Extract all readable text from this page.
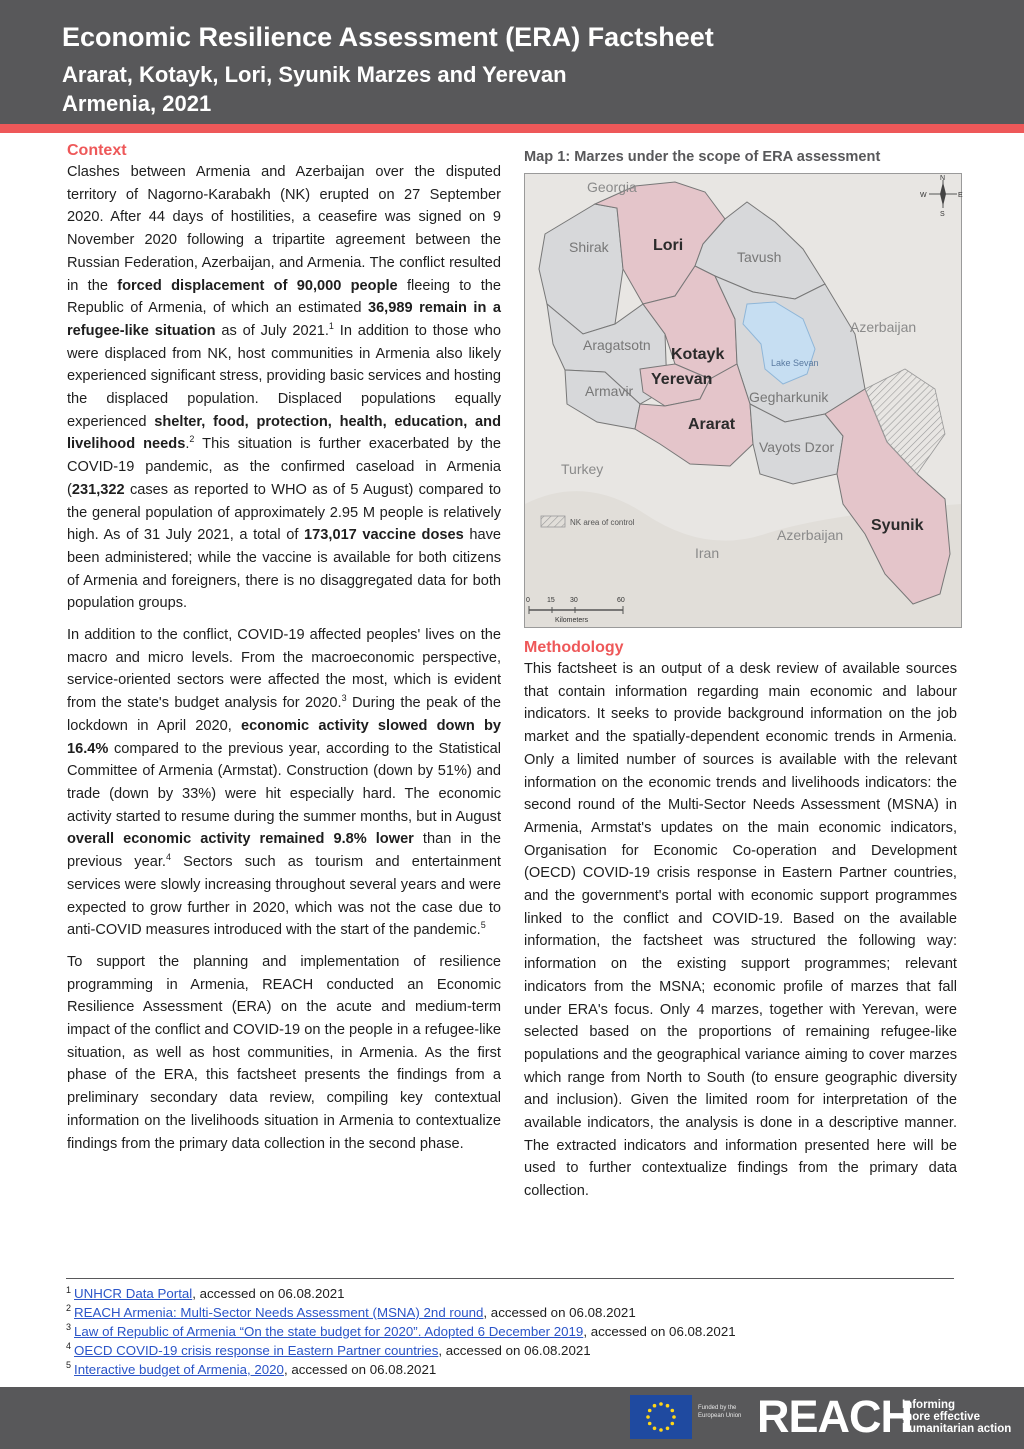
Economic Resilience Assessment (ERA) Factsheet
Ararat, Kotayk, Lori, Syunik Marzes and Yerevan
Armenia, 2021
Context

Clashes between Armenia and Azerbaijan over the disputed territory of Nagorno-Karabakh (NK) erupted on 27 September 2020. After 44 days of hostilities, a ceasefire was signed on 9 November 2020 following a tripartite agreement between the Russian Federation, Azerbaijan, and Armenia. The conflict resulted in the forced displacement of 90,000 people fleeing to the Republic of Armenia, of which an estimated 36,989 remain in a refugee-like situation as of July 2021.$^1$ In addition to those who were displaced from NK, host communities in Armenia also likely experienced significant stress, providing basic services and hosting the displaced population. Displaced populations equally experienced shelter, food, protection, health, education, and livelihood needs.$^2$ This situation is further exacerbated by the COVID-19 pandemic, as the confirmed caseload in Armenia (231,322 cases as reported to WHO as of 5 August) compared to the general population of approximately 2.95 M people is relatively high. As of 31 July 2021, a total of 173,017 vaccine doses have been administered; while the vaccine is available for both citizens of Armenia and foreigners, there is no disaggregated data for both population groups.

In addition to the conflict, COVID-19 affected peoples' lives on the macro and micro levels. From the macroeconomic perspective, service-oriented sectors were affected the most, which is evident from the state's budget analysis for 2020.$^3$ During the peak of the lockdown in April 2020, economic activity slowed down by 16.4% compared to the previous year, according to the Statistical Committee of Armenia (Armstat). Construction (down by 51%) and trade (down by 33%) were hit especially hard. The economic activity started to resume during the summer months, but in August overall economic activity remained 9.8% lower than in the previous year.$^4$ Sectors such as tourism and entertainment services were slowly increasing throughout several years and were expected to grow further in 2020, which was not the case due to anti-COVID measures introduced with the start of the pandemic.$^5$

To support the planning and implementation of resilience programming in Armenia, REACH conducted an Economic Resilience Assessment (ERA) on the acute and medium-term impact of the conflict and COVID-19 on the people in a refugee-like situation, as well as host communities, in Armenia. As the first phase of the ERA, this factsheet presents the findings from a preliminary secondary data review, compiling key contextual information on the livelihoods situation in Armenia to contextualize findings from the primary data collection in the second phase.

Map 1: Marzes under the scope of ERA assessment
Georgia
Shirak	Lori
Tavush
Azerbaijan
Aragatsotn
Kotayk	Lake Sevan
Armavir
Yerevan
Gegharkunik
Ararat
Vayots Dzor
Turkey
NK area of control
Azerbaijan
Syunik
Iran
N
S
W	E
0 15 30	60
Kilometers
Methodology

This factsheet is an output of a desk review of available sources that contain information regarding main economic and labour indicators. It seeks to provide background information on the job market and the spatially-dependent economic trends in Armenia. Only a limited number of sources is available with the relevant information on the economic trends and livelihoods indicators: the second round of the Multi-Sector Needs Assessment (MSNA) in Armenia, Armstat's updates on the main economic indicators, Organisation for Economic Co-operation and Development (OECD) COVID-19 crisis response in Eastern Partner countries, and the government's portal with economic support programmes linked to the conflict and COVID-19. Based on the available information, the factsheet was structured the following way: information on the existing support programmes; relevant indicators from the MSNA; economic profile of marzes that fall under ERA's focus. Only 4 marzes, together with Yerevan, were selected based on the proportions of remaining refugee-like populations and the geographical variance aiming to cover marzes which range from North to South (to ensure geographic diversity and inclusion). Given the limited room for interpretation of the available indicators, the analysis is done in a descriptive manner. The extracted indicators and information presented here will be used to further contextualize findings from the primary data collection.

$^1$ UNHCR Data Portal, accessed on 06.08.2021
$^2$ REACH Armenia: Multi-Sector Needs Assessment (MSNA) 2nd round, accessed on 06.08.2021
$^3$ Law of Republic of Armenia “On the state budget for 2020”. Adopted 6 December 2019, accessed on 06.08.2021
$^4$ OECD COVID-19 crisis response in Eastern Partner countries, accessed on 06.08.2021
$^5$ Interactive budget of Armenia, 2020, accessed on 06.08.2021
Funded by the European Union REACH
Informing
more effective
humanitarian action
